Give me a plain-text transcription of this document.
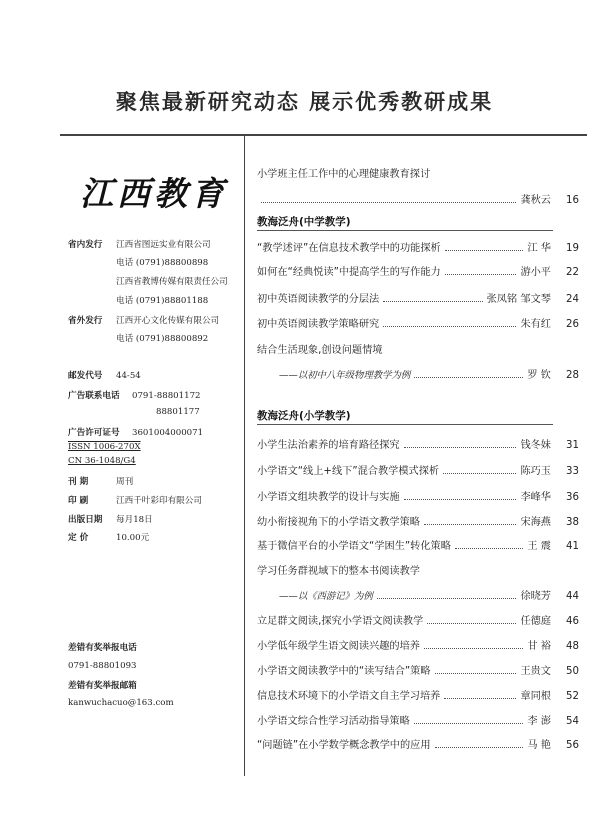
聚焦最新研究动态 展示优秀教研成果
江西教育
省内发行 江西省图远实业有限公司
电话 (0791)88800898
江西省教博传媒有限责任公司
电话 (0791)88801188
省外发行 江西开心文化传媒有限公司
电话 (0791)88800892
邮发代号 44-54
广告联系电话 0791-88801172
88801177
广告许可证号 3601004000071
ISSN 1006-270X
CN 36-1048/G4
刊 期	周刊
印 刷	江西千叶彩印有限公司
出版日期 每月18日
定 价	10.00元
差错有奖举报电话
0791-88801093
差错有奖举报邮箱
kanwuchacuo@163.com
小学班主任工作中的心理健康教育探讨
龚秋云	16
教海泛舟(中学教学)
“教学述评”在信息技术教学中的功能探析	江 华	19
如何在“经典悦读”中提高学生的写作能力	游小平	22
初中英语阅读教学的分层法	张凤铭 邹文琴	24
初中英语阅读教学策略研究	朱有红	26
结合生活现象,创设问题情境
——以初中八年级物理教学为例	罗 钦	28
教海泛舟(小学教学)
小学生法治素养的培育路径探究	钱冬妹	31
小学语文“线上+线下”混合教学模式探析	陈巧玉	33
小学语文组块教学的设计与实施	李峰华	36
幼小衔接视角下的小学语文教学策略	宋海燕	38
基于微信平台的小学语文“学困生”转化策略	王 震	41
学习任务群视域下的整本书阅读教学
——以《西游记》为例	徐晓芳	44
立足群文阅读,探究小学语文阅读教学	任德庭	46
小学低年级学生语文阅读兴趣的培养	甘 裕	48
小学语文阅读教学中的“读写结合”策略	王贵文	50
信息技术环境下的小学语文自主学习培养	章同根	52
小学语文综合性学习活动指导策略	李 澎	54
“问题链”在小学数学概念教学中的应用	马 艳	56
